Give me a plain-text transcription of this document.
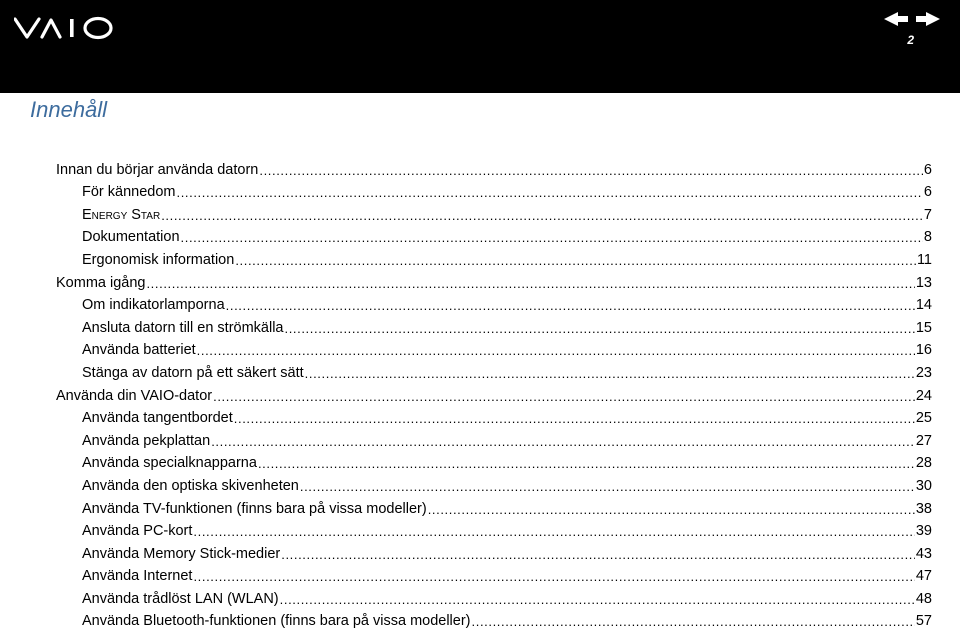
2
Innehåll
Innan du börjar använda datorn .....	6
För kännedom .....	6
Energy Star .....	7
Dokumentation .....	8
Ergonomisk information .....	11
Komma igång .....	13
Om indikatorlamporna .....	14
Ansluta datorn till en strömkälla .....	15
Använda batteriet .....	16
Stänga av datorn på ett säkert sätt .....	23
Använda din VAIO-dator .....	24
Använda tangentbordet .....	25
Använda pekplattan .....	27
Använda specialknapparna .....	28
Använda den optiska skivenheten .....	30
Använda TV-funktionen (finns bara på vissa modeller) .....	38
Använda PC-kort .....	39
Använda Memory Stick-medier .....	43
Använda Internet .....	47
Använda trådlöst LAN (WLAN) .....	48
Använda Bluetooth-funktionen (finns bara på vissa modeller) .....	57
